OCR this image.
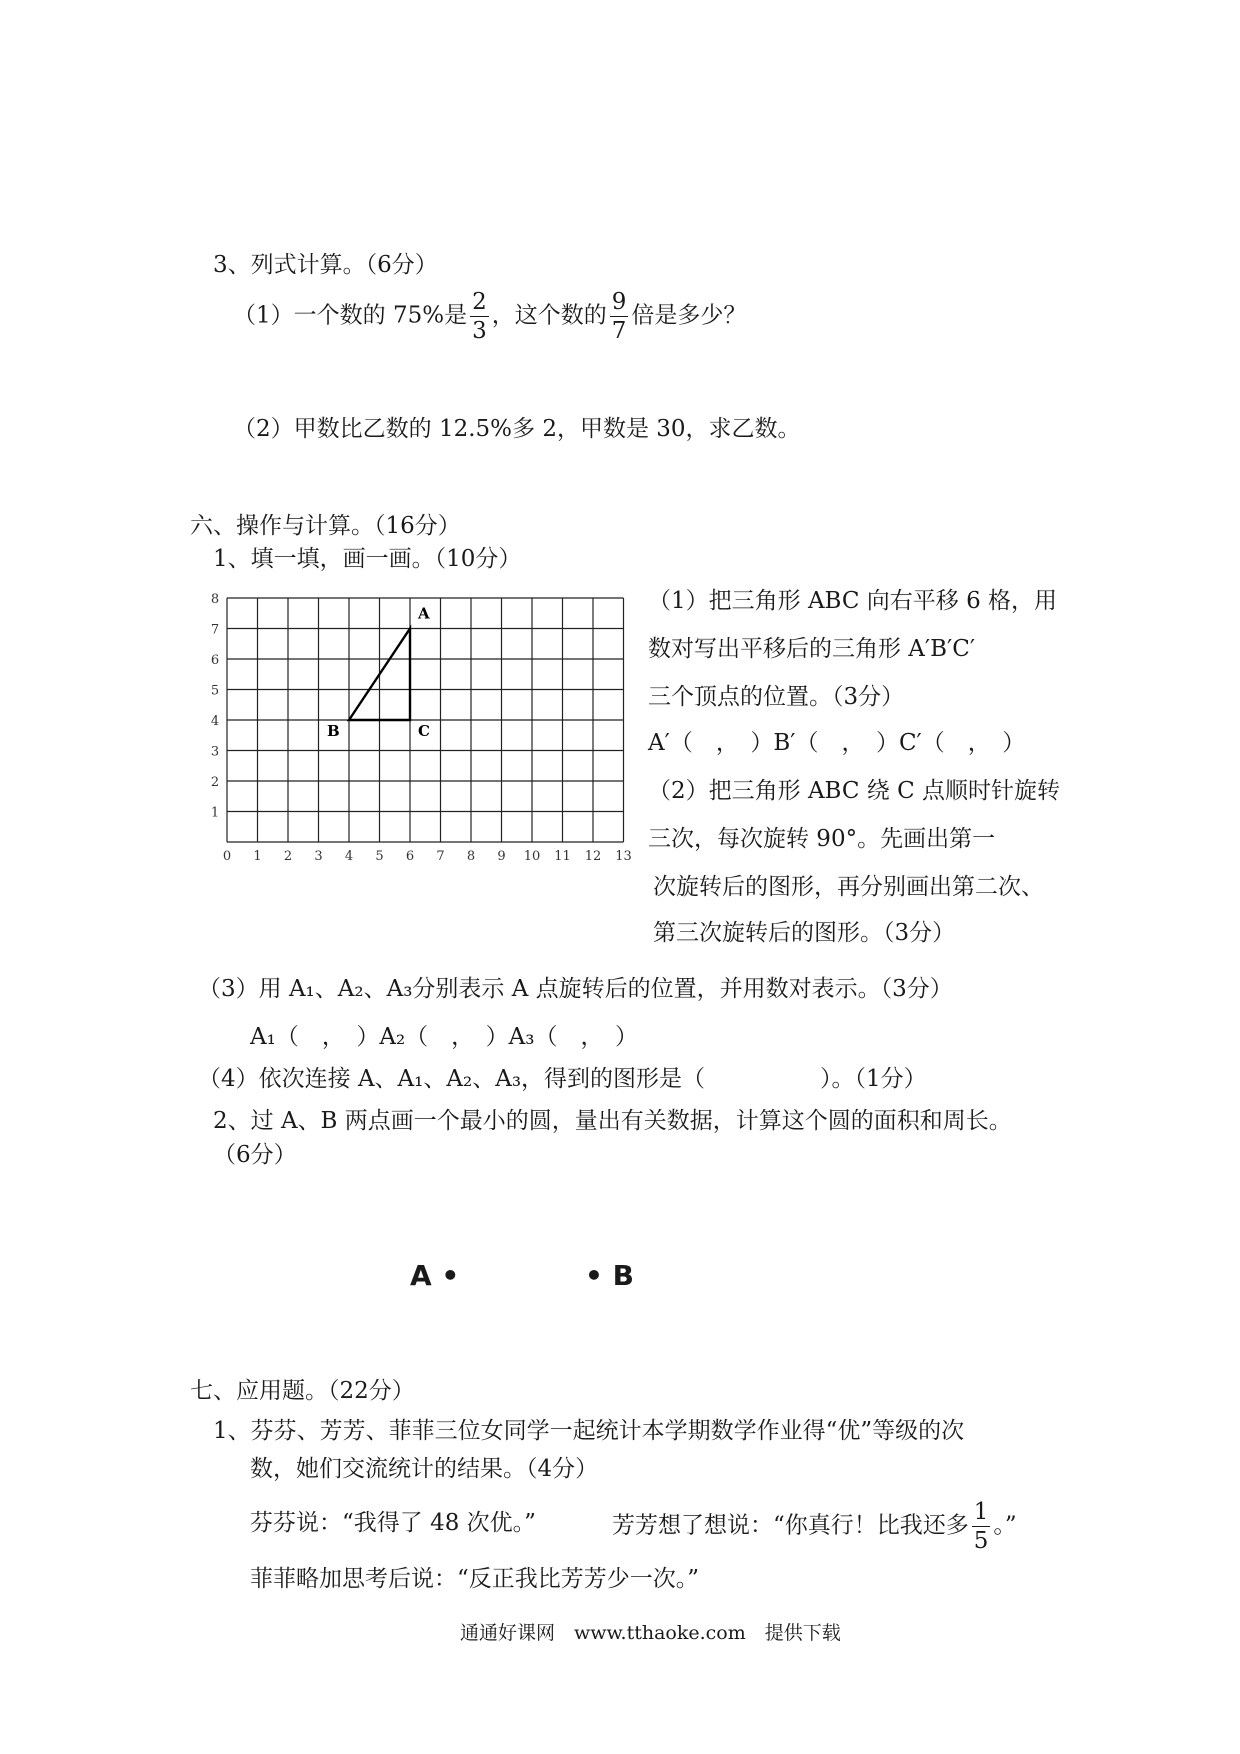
3、列式计算。（6分）
（1）一个数的 75%是 $\frac{2}{3}$ ，这个数的 $\frac{9}{7}$ 倍是多少？
（2）甲数比乙数的 12.5%多 2，甲数是 30，求乙数。
六、操作与计算。（16分）
1、填一填，画一画。（10分）
0 1 2 3 4 5 6 7 8 9 10 11 12 13
1
2
3
4
5
6
7
8
A
B	C
（1）把三角形 ABC 向右平移 6 格，用
数对写出平移后的三角形 A′B′C′
三个顶点的位置。（3分）
A′（　，　）B′（　，　）C′（　，　）
（2）把三角形 ABC 绕 C 点顺时针旋转
三次，每次旋转 90°。先画出第一
次旋转后的图形，再分别画出第二次、
第三次旋转后的图形。（3分）
（3）用 A₁、A₂、A₃分别表示 A 点旋转后的位置，并用数对表示。（3分）
A₁（　，　）A₂（　，　）A₃（　，　）
（4）依次连接 A、A₁、A₂、A₃，得到的图形是（　　　　　）。（1分）
2、过 A、B 两点画一个最小的圆，量出有关数据，计算这个圆的面积和周长。
（6分）
A •	• B
七、应用题。（22分）
1、芬芬、芳芳、菲菲三位女同学一起统计本学期数学作业得“优”等级的次
数，她们交流统计的结果。（4分）
芬芬说：“我得了 48 次优。”	芳芳想了想说：“你真行！比我还多 $\frac{1}{5}$ 。”
菲菲略加思考后说：“反正我比芳芳少一次。”
通通好课网　www.tthaoke.com　提供下载
